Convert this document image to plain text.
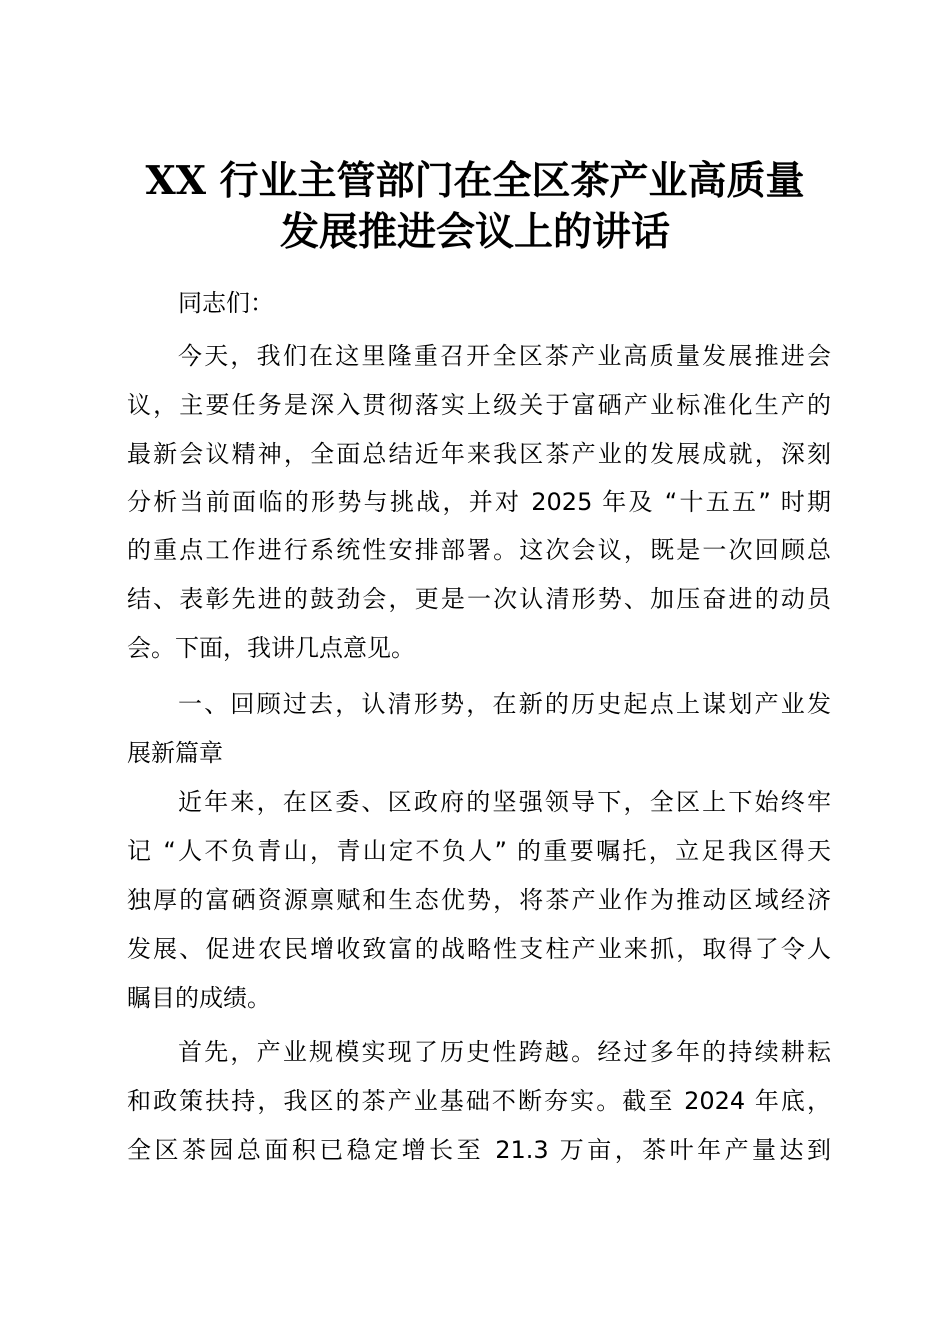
XX 行业主管部门在全区茶产业高质量
发展推进会议上的讲话

同志们：

今天，我们在这里隆重召开全区茶产业高质量发展推进会

议，主要任务是深入贯彻落实上级关于富硒产业标准化生产的

最新会议精神，全面总结近年来我区茶产业的发展成就，深刻

分析当前面临的形势与挑战，并对 2025 年及 “十五五” 时期

的重点工作进行系统性安排部署。这次会议，既是一次回顾总

结、表彰先进的鼓劲会，更是一次认清形势、加压奋进的动员

会。下面，我讲几点意见。

一、回顾过去，认清形势，在新的历史起点上谋划产业发

展新篇章

近年来，在区委、区政府的坚强领导下，全区上下始终牢

记 “人不负青山，青山定不负人” 的重要嘱托，立足我区得天

独厚的富硒资源禀赋和生态优势，将茶产业作为推动区域经济

发展、促进农民增收致富的战略性支柱产业来抓，取得了令人

瞩目的成绩。

首先，产业规模实现了历史性跨越。经过多年的持续耕耘

和政策扶持，我区的茶产业基础不断夯实。截至 2024 年底，

全区茶园总面积已稳定增长至 21.3 万亩，茶叶年产量达到
